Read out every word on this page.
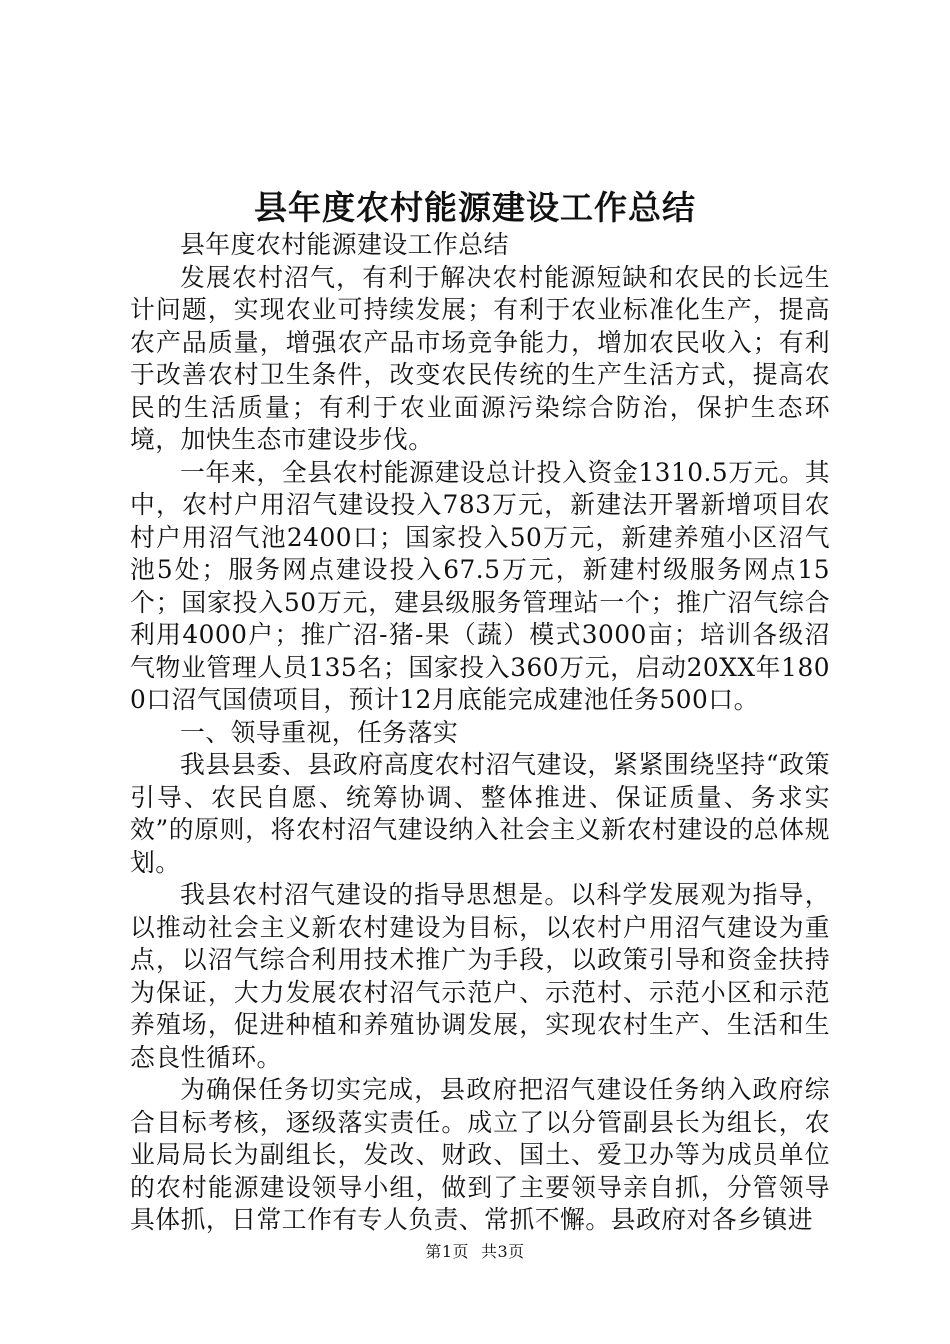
县年度农村能源建设工作总结

县年度农村能源建设工作总结

发展农村沼气，有利于解决农村能源短缺和农民的长远生计问题，实现农业可持续发展；有利于农业标准化生产，提高农产品质量，增强农产品市场竞争能力，增加农民收入；有利于改善农村卫生条件，改变农民传统的生产生活方式，提高农民的生活质量；有利于农业面源污染综合防治，保护生态环境，加快生态市建设步伐。

一年来，全县农村能源建设总计投入资金1310.5万元。其中，农村户用沼气建设投入783万元，新建法开署新增项目农村户用沼气池2400口；国家投入50万元，新建养殖小区沼气池5处；服务网点建设投入67.5万元，新建村级服务网点15个；国家投入50万元，建县级服务管理站一个；推广沼气综合利用4000户；推广沼-猪-果（蔬）模式3000亩；培训各级沼气物业管理人员135名；国家投入360万元，启动20XX年1800口沼气国债项目，预计12月底能完成建池任务500口。

一、领导重视，任务落实

我县县委、县政府高度农村沼气建设，紧紧围绕坚持“政策引导、农民自愿、统筹协调、整体推进、保证质量、务求实效”的原则，将农村沼气建设纳入社会主义新农村建设的总体规划。

我县农村沼气建设的指导思想是。以科学发展观为指导，以推动社会主义新农村建设为目标，以农村户用沼气建设为重点，以沼气综合利用技术推广为手段，以政策引导和资金扶持为保证，大力发展农村沼气示范户、示范村、示范小区和示范养殖场，促进种植和养殖协调发展，实现农村生产、生活和生态良性循环。

为确保任务切实完成，县政府把沼气建设任务纳入政府综合目标考核，逐级落实责任。成立了以分管副县长为组长，农业局局长为副组长，发改、财政、国土、爱卫办等为成员单位的农村能源建设领导小组，做到了主要领导亲自抓，分管领导具体抓，日常工作有专人负责、常抓不懈。县政府对各乡镇进

第1页 共3页
